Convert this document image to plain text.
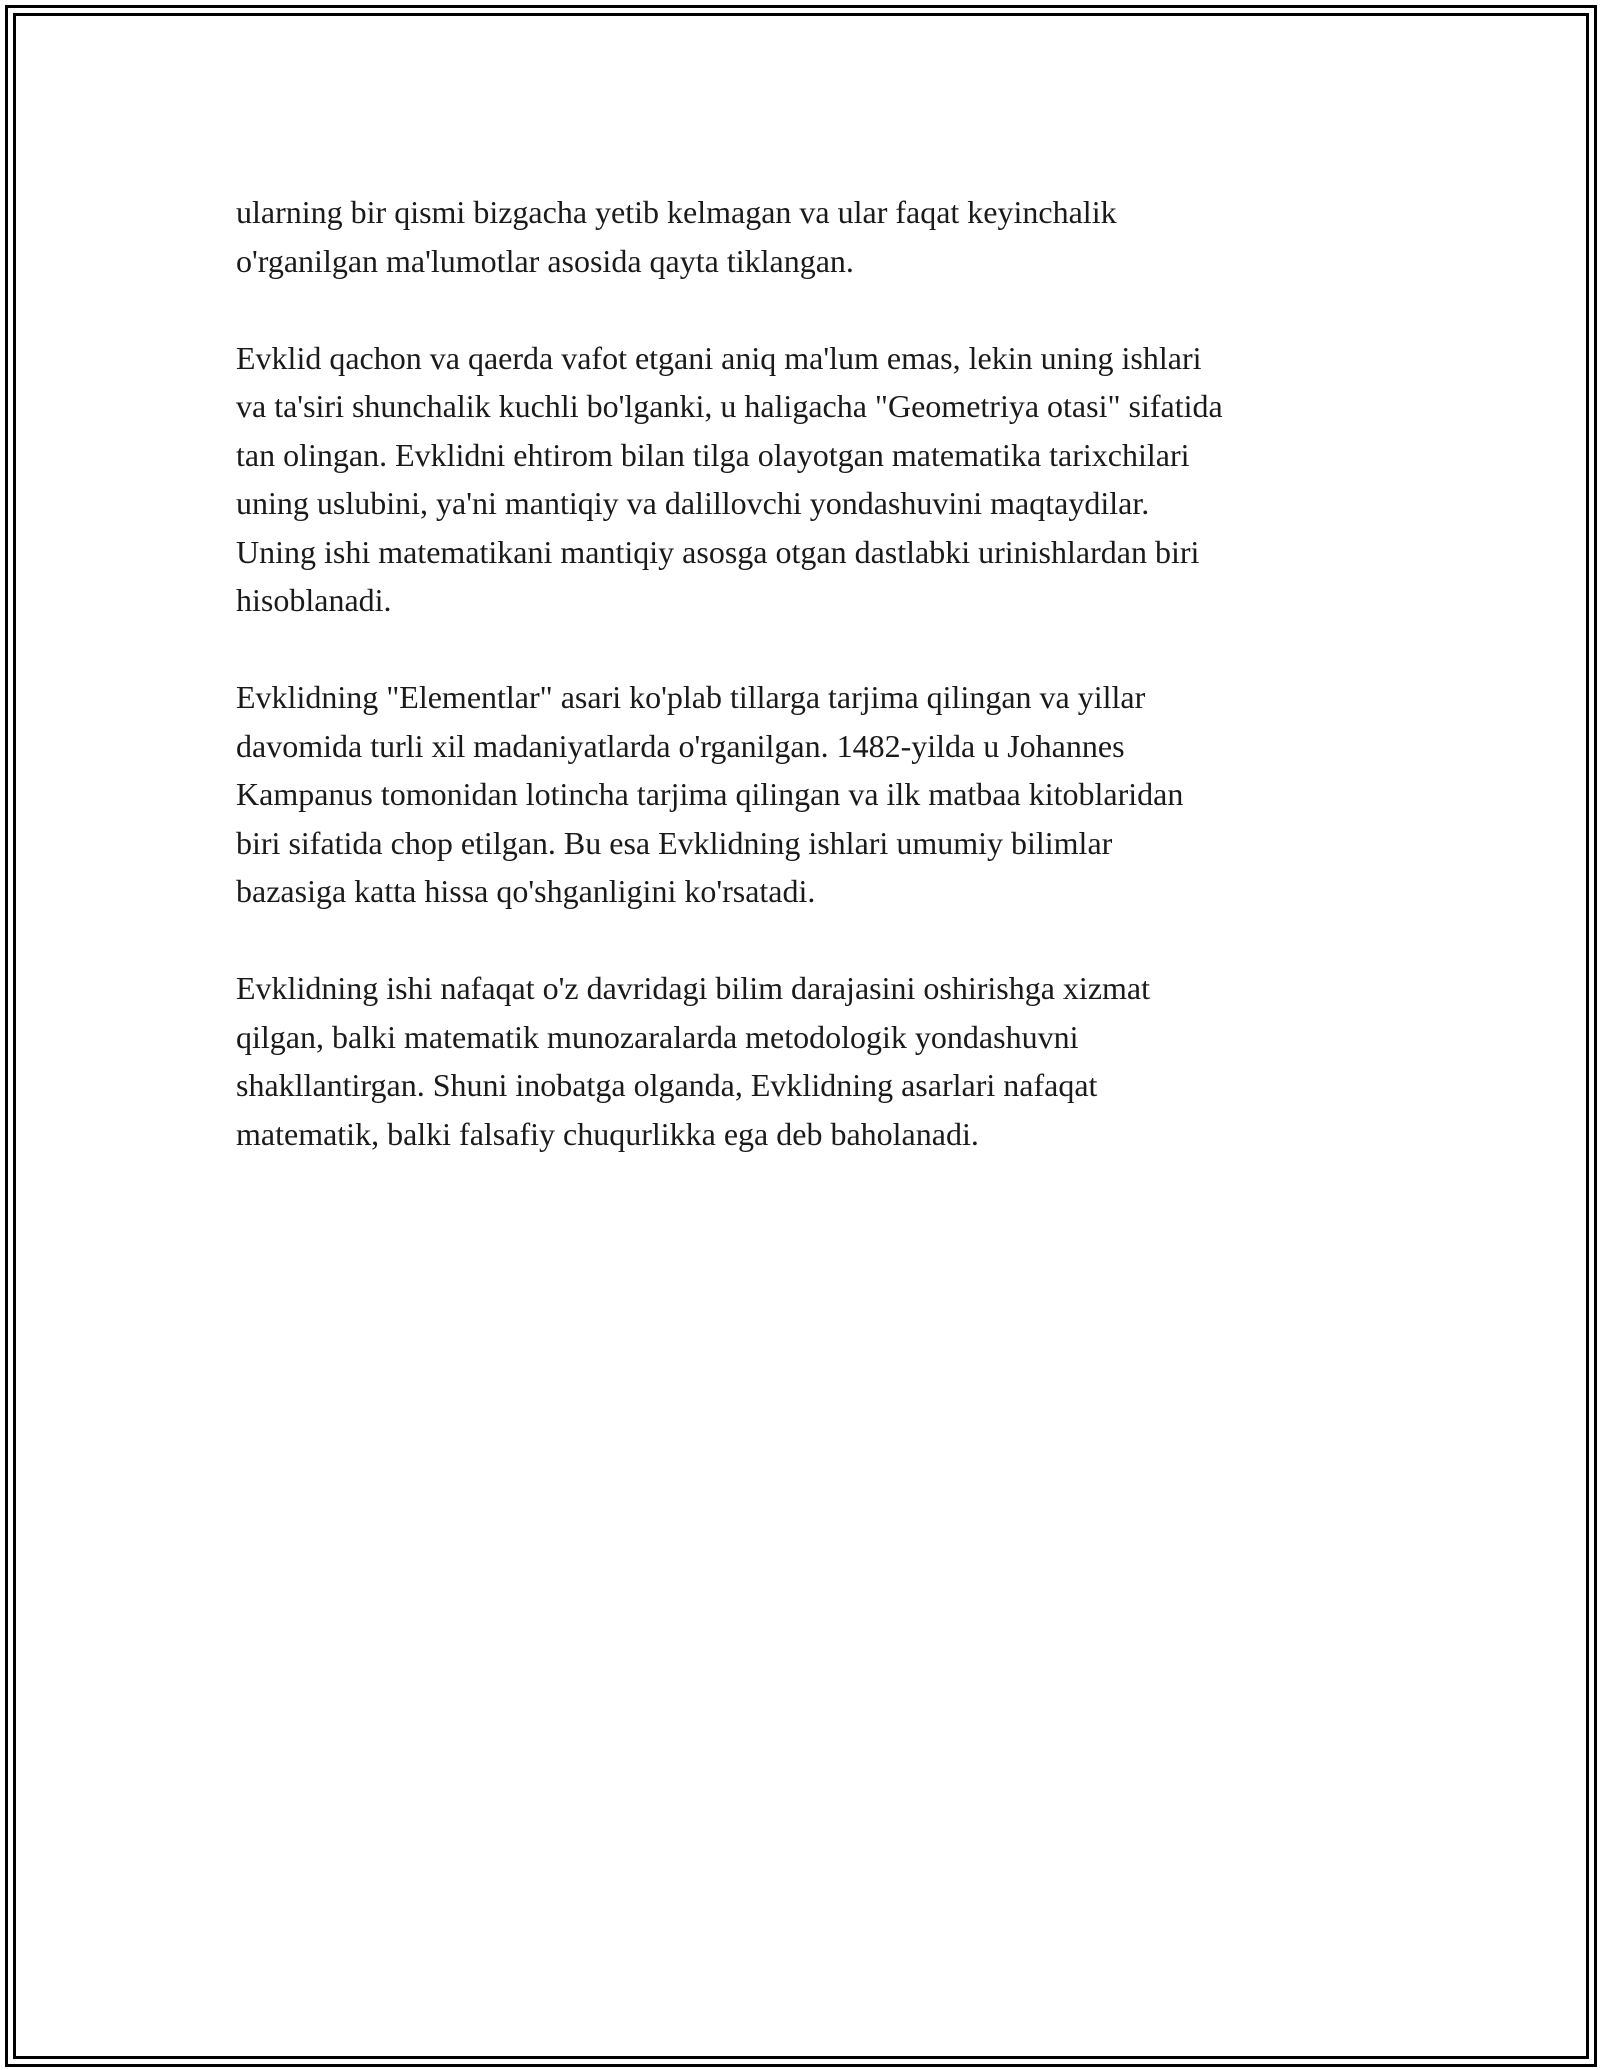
ularning bir qismi bizgacha yetib kelmagan va ular faqat keyinchalik
o'rganilgan ma'lumotlar asosida qayta tiklangan.

Evklid qachon va qaerda vafot etgani aniq ma'lum emas, lekin uning ishlari
va ta'siri shunchalik kuchli bo'lganki, u haligacha "Geometriya otasi" sifatida
tan olingan. Evklidni ehtirom bilan tilga olayotgan matematika tarixchilari
uning uslubini, ya'ni mantiqiy va dalillovchi yondashuvini maqtaydilar.
Uning ishi matematikani mantiqiy asosga otgan dastlabki urinishlardan biri
hisoblanadi.

Evklidning "Elementlar" asari ko'plab tillarga tarjima qilingan va yillar
davomida turli xil madaniyatlarda o'rganilgan. 1482-yilda u Johannes
Kampanus tomonidan lotincha tarjima qilingan va ilk matbaa kitoblaridan
biri sifatida chop etilgan. Bu esa Evklidning ishlari umumiy bilimlar
bazasiga katta hissa qo'shganligini ko'rsatadi.

Evklidning ishi nafaqat o'z davridagi bilim darajasini oshirishga xizmat
qilgan, balki matematik munozaralarda metodologik yondashuvni
shakllantirgan. Shuni inobatga olganda, Evklidning asarlari nafaqat
matematik, balki falsafiy chuqurlikka ega deb baholanadi.
